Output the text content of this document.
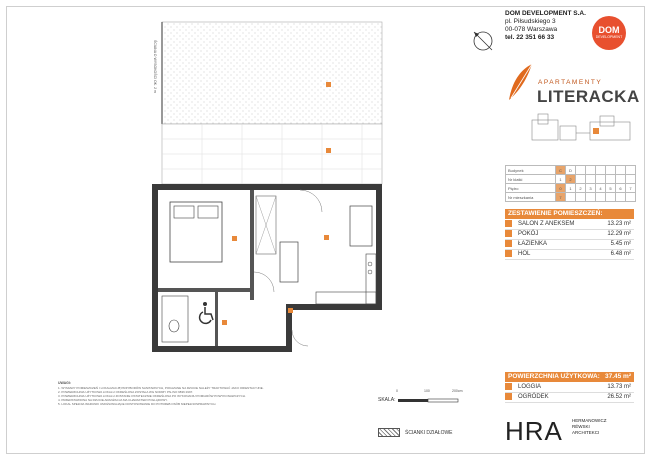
DOM DEVELOPMENT S.A.
pl. Piłsudskiego 3
00-078 Warszawa
tel. 22 351 66 33
DOM
DEVELOPMENT
APARTAMENTY
LITERACKA
Budynek	C	D						
Nr klatki	1	2						
Piętro	0	1	2	3	4	5	6	7
Nr mieszkania	7							
ZESTAWIENIE POMIESZCZEŃ:
SALON Z ANEKSEM	13.23 m²
POKÓJ	12.29 m²
ŁAZIENKA	5.45 m²
HOL	6.48 m²
POWIERZCHNIA UŻYTKOWA: 37.45 m²
LOGGIA	13.73 m²
OGRÓDEK	26.52 m²
ŚCIANA O WYSOKOŚCI OK. 2 m
UWAGI:
1. WYMIARY POMIESZCZEŃ I LOKALIZACJĘ PRZYBORÓW SANITARNYCH, POKAZANE NA RZUCIE NALEŻY TRAKTOWAĆ JAKO ORIENTACYJNE.
2. POWIERZCHNIA UŻYTKOWA LOKALU OKREŚLONA ZOSTAŁA WG NORMY PN-ISO 9836:1997.
3. POWIERZCHNIA UŻYTKOWA LOKALU ZOSTANIE OSTATECZNIE OKREŚLONA PO WYKONANIU POMIARÓW POWYKONAWCZYCH.
4. PRZEDSTAWIONA NA RZUCIE ARANŻACJA MA CHARAKTER POGLĄDOWY.
5. LOKAL SPEŁNIA WARUNKI UMOŻLIWIAJĄCE DOSTOSOWANIE DO POTRZEB OSÓB NIEPEŁNOSPRAWNYCH.
SKALA:
0	100	200cm
ŚCIANKI DZIAŁOWE HRA HERMANOWICZ
RÉWSKI
ARCHITEKCI
